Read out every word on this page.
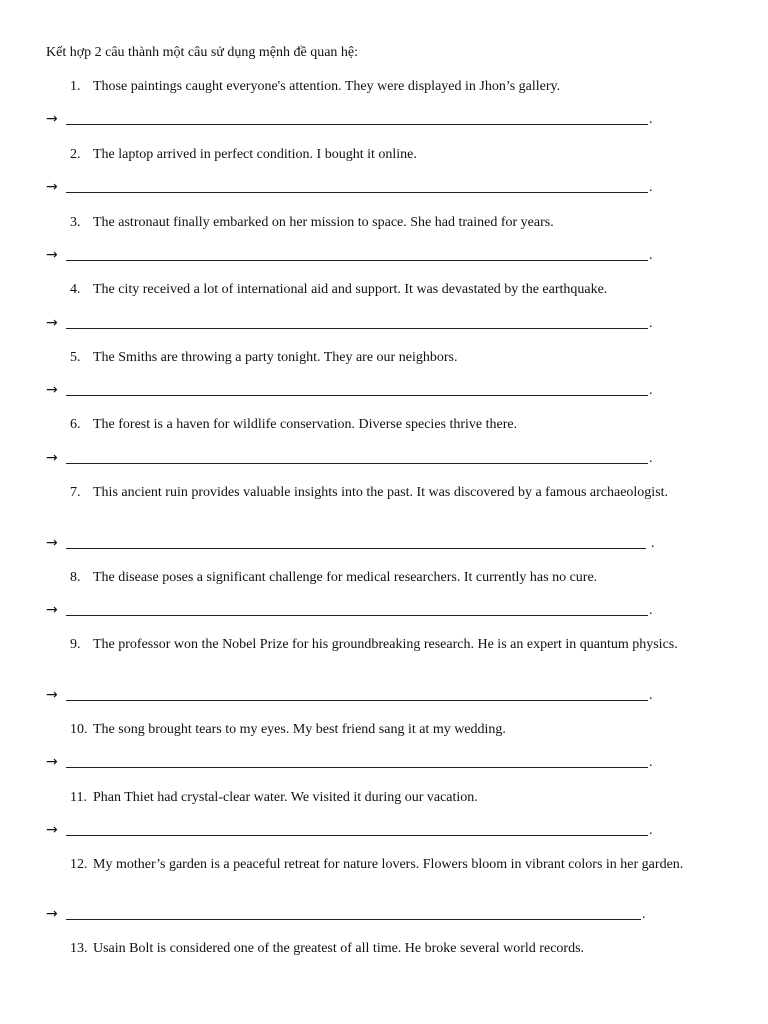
Kết hợp 2 câu thành một câu sử dụng mệnh đề quan hệ:
1. Those paintings caught everyone's attention. They were displayed in Jhon’s gallery.
→	.
2. The laptop arrived in perfect condition. I bought it online.
→	.
3. The astronaut finally embarked on her mission to space. She had trained for years.
→	.
4. The city received a lot of international aid and support. It was devastated by the earthquake.
→	.
5. The Smiths are throwing a party tonight. They are our neighbors.
→	.
6. The forest is a haven for wildlife conservation. Diverse species thrive there.
→	.
7. This ancient ruin provides valuable insights into the past. It was discovered by a famous archaeologist.
→	.
8. The disease poses a significant challenge for medical researchers. It currently has no cure.
→	.
9. The professor won the Nobel Prize for his groundbreaking research. He is an expert in quantum physics.
→	.
10. The song brought tears to my eyes. My best friend sang it at my wedding.
→	.
11. Phan Thiet had crystal-clear water. We visited it during our vacation.
→	.
12. My mother’s garden is a peaceful retreat for nature lovers. Flowers bloom in vibrant colors in her garden.
→	.
13. Usain Bolt is considered one of the greatest of all time. He broke several world records.
